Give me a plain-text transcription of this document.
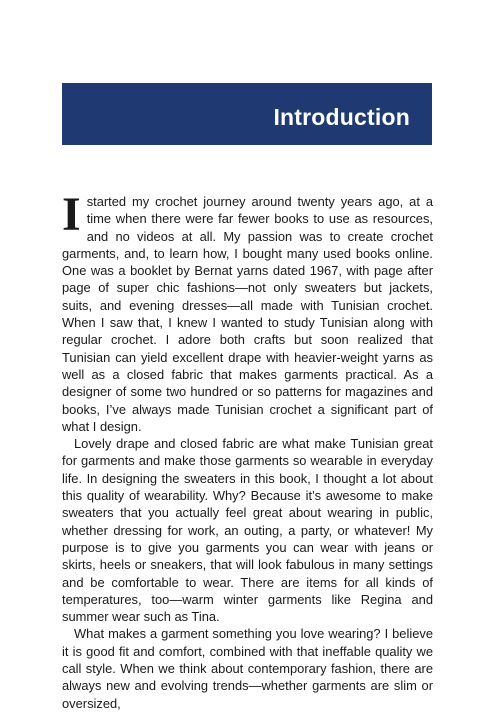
Introduction

I started my crochet journey around twenty years ago, at a time when there were far fewer books to use as resources, and no videos at all. My passion was to create crochet garments, and, to learn how, I bought many used books online. One was a booklet by Bernat yarns dated 1967, with page after page of super chic fashions—not only sweaters but jackets, suits, and evening dresses—all made with Tunisian crochet. When I saw that, I knew I wanted to study Tunisian along with regular crochet. I adore both crafts but soon realized that Tunisian can yield excellent drape with heavier-weight yarns as well as a closed fabric that makes garments practical. As a designer of some two hundred or so patterns for magazines and books, I’ve always made Tunisian crochet a significant part of what I design.

Lovely drape and closed fabric are what make Tunisian great for garments and make those garments so wearable in everyday life. In designing the sweaters in this book, I thought a lot about this quality of wearability. Why? Because it’s awesome to make sweaters that you actually feel great about wearing in public, whether dressing for work, an outing, a party, or whatever! My purpose is to give you garments you can wear with jeans or skirts, heels or sneakers, that will look fabulous in many settings and be comfortable to wear. There are items for all kinds of temperatures, too—warm winter garments like Regina and summer wear such as Tina.

What makes a garment something you love wearing? I believe it is good fit and comfort, combined with that ineffable quality we call style. When we think about contemporary fashion, there are always new and evolving trends—whether garments are slim or oversized,
